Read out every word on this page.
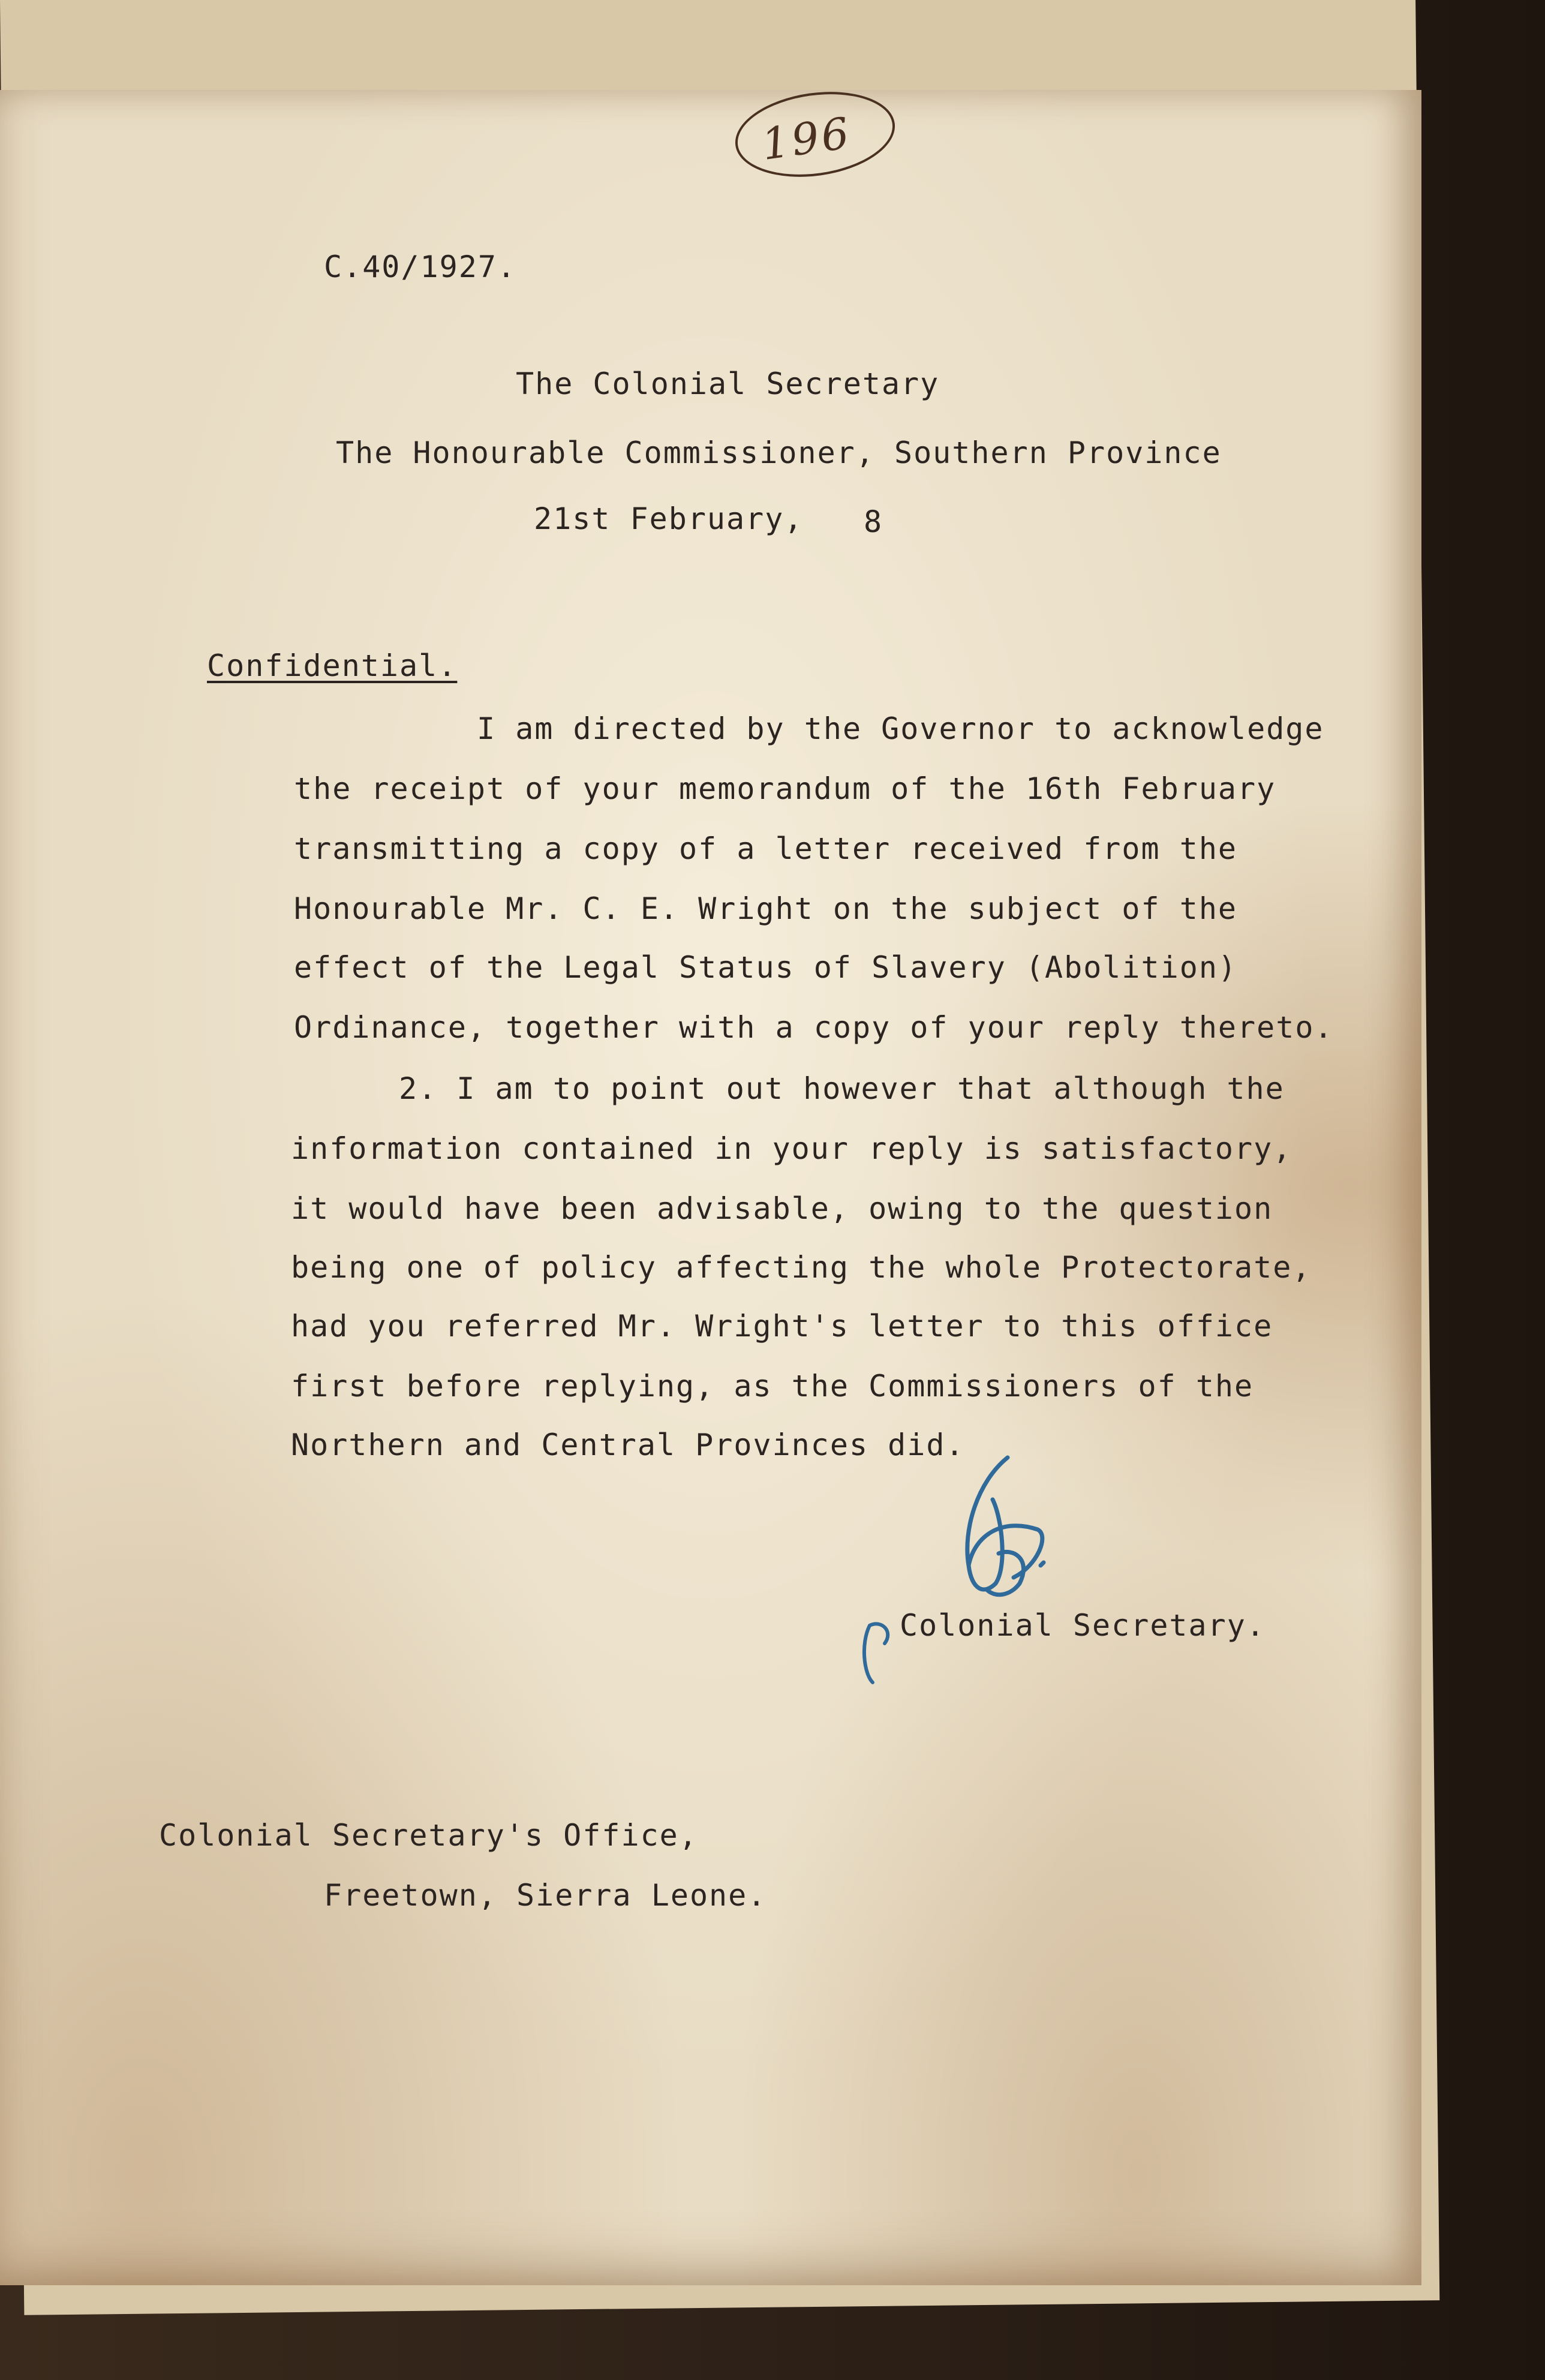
196
C.40/1927.
The Colonial Secretary
The Honourable Commissioner, Southern Province
21st February, 8
Confidential.
I am directed by the Governor to acknowledge
the receipt of your memorandum of the 16th February
transmitting a copy of a letter received from the
Honourable Mr. C. E. Wright on the subject of the
effect of the Legal Status of Slavery (Abolition)
Ordinance, together with a copy of your reply thereto.
2. I am to point out however that although the
information contained in your reply is satisfactory,
it would have been advisable, owing to the question
being one of policy affecting the whole Protectorate,
had you referred Mr. Wright's letter to this office
first before replying, as the Commissioners of the
Northern and Central Provinces did.
Colonial Secretary.
Colonial Secretary's Office,
Freetown, Sierra Leone.
